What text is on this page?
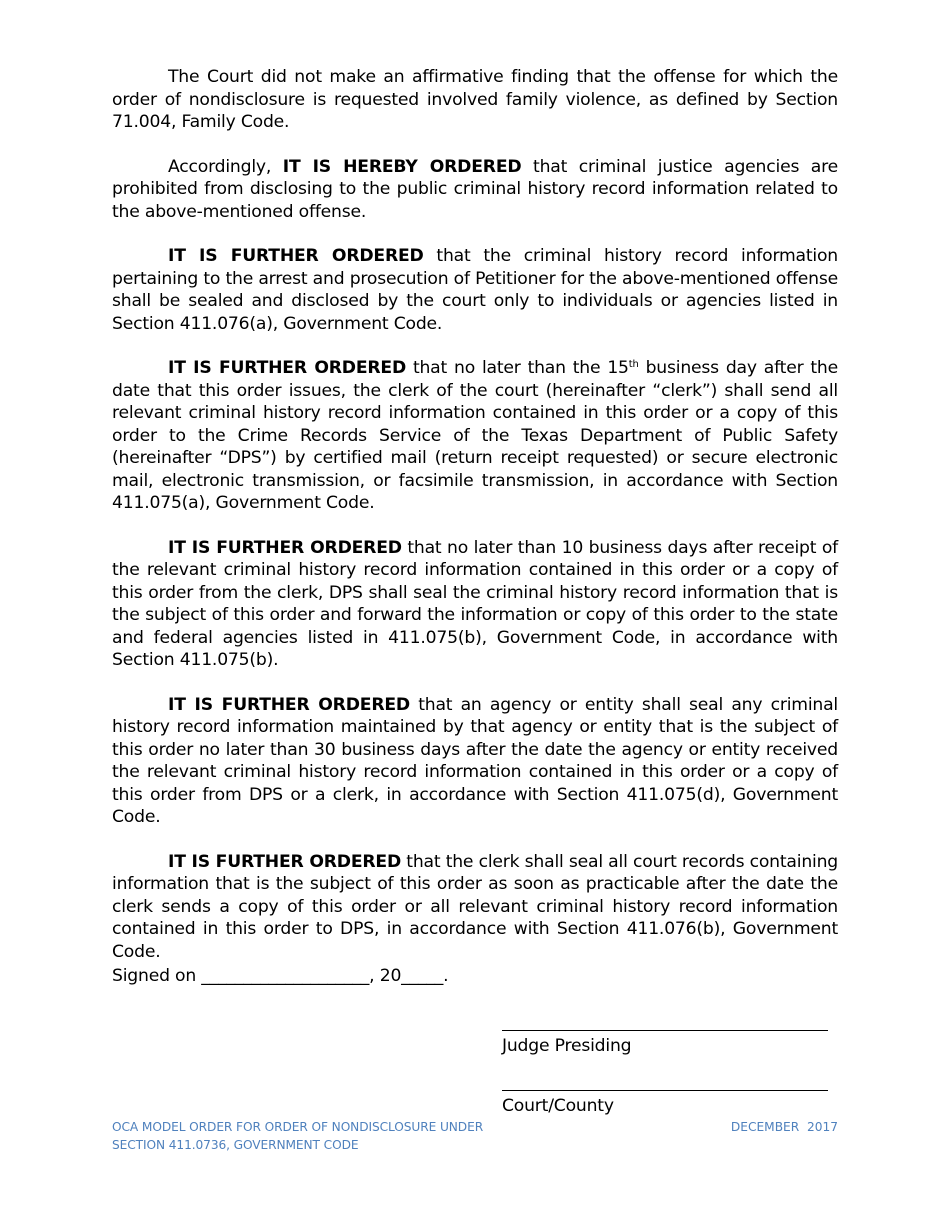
The Court did not make an affirmative finding that the offense for which the order of nondisclosure is requested involved family violence, as defined by Section 71.004, Family Code.

Accordingly, IT IS HEREBY ORDERED that criminal justice agencies are prohibited from disclosing to the public criminal history record information related to the above-mentioned offense.

IT IS FURTHER ORDERED that the criminal history record information pertaining to the arrest and prosecution of Petitioner for the above-mentioned offense shall be sealed and disclosed by the court only to individuals or agencies listed in Section 411.076(a), Government Code.

IT IS FURTHER ORDERED that no later than the 15th business day after the date that this order issues, the clerk of the court (hereinafter “clerk”) shall send all relevant criminal history record information contained in this order or a copy of this order to the Crime Records Service of the Texas Department of Public Safety (hereinafter “DPS”) by certified mail (return receipt requested) or secure electronic mail, electronic transmission, or facsimile transmission, in accordance with Section 411.075(a), Government Code.

IT IS FURTHER ORDERED that no later than 10 business days after receipt of the relevant criminal history record information contained in this order or a copy of this order from the clerk, DPS shall seal the criminal history record information that is the subject of this order and forward the information or copy of this order to the state and federal agencies listed in 411.075(b), Government Code, in accordance with Section 411.075(b).

IT IS FURTHER ORDERED that an agency or entity shall seal any criminal history record information maintained by that agency or entity that is the subject of this order no later than 30 business days after the date the agency or entity received the relevant criminal history record information contained in this order or a copy of this order from DPS or a clerk, in accordance with Section 411.075(d), Government Code.

IT IS FURTHER ORDERED that the clerk shall seal all court records containing information that is the subject of this order as soon as practicable after the date the clerk sends a copy of this order or all relevant criminal history record information contained in this order to DPS, in accordance with Section 411.076(b), Government Code.

Signed on ____________________, 20_____.
Judge Presiding
Court/County
OCA MODEL ORDER FOR ORDER OF NONDISCLOSURE UNDER
SECTION 411.0736, GOVERNMENT CODE
DECEMBER  2017
